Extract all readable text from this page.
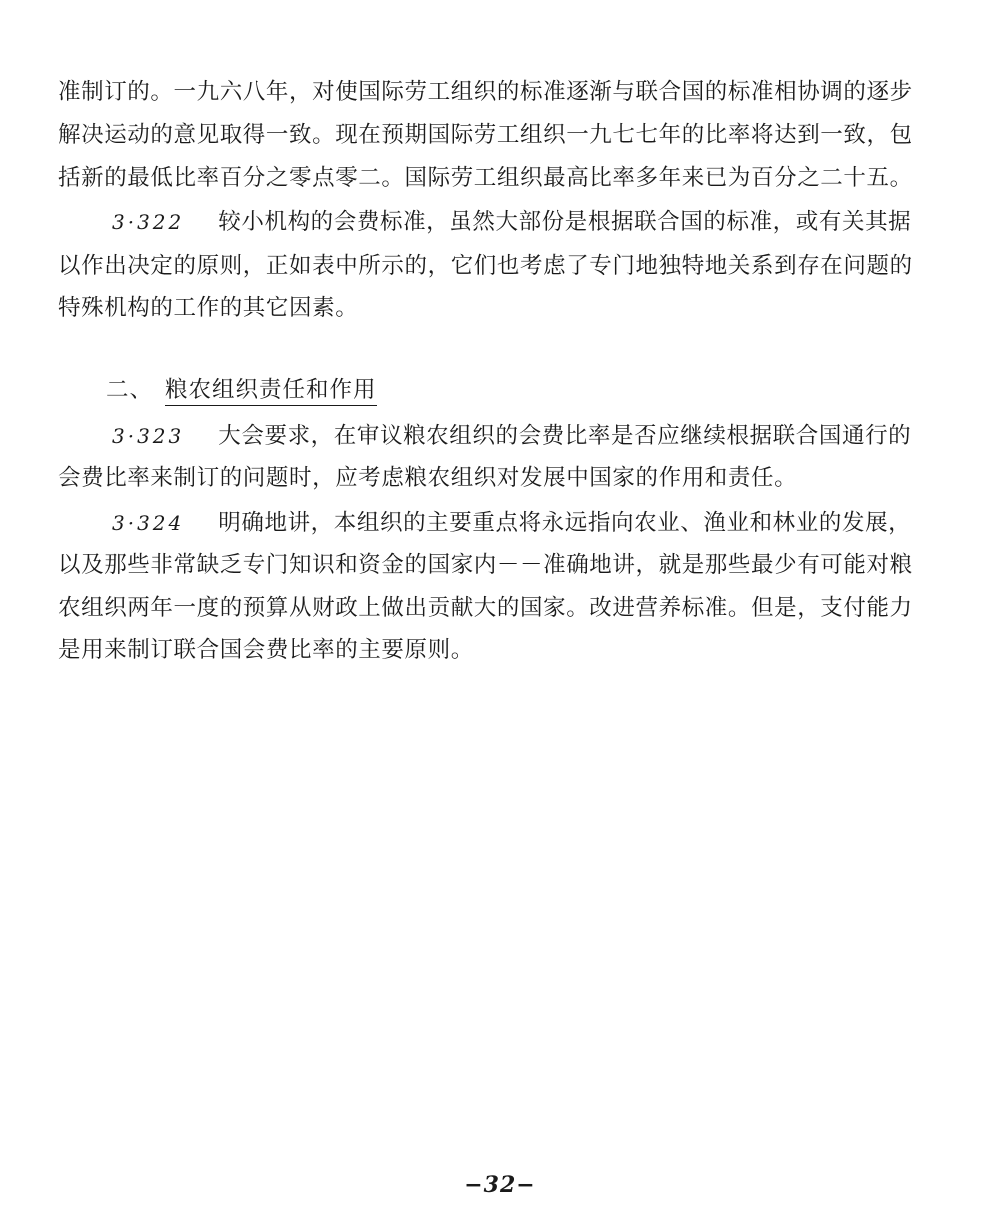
准制订的。一九六八年，对使国际劳工组织的标准逐渐与联合国的标准相协调的逐步
解决运动的意见取得一致。现在预期国际劳工组织一九七七年的比率将达到一致，包
括新的最低比率百分之零点零二。国际劳工组织最高比率多年来已为百分之二十五。
3·322 较小机构的会费标准，虽然大部份是根据联合国的标准，或有关其据
以作出决定的原则，正如表中所示的，它们也考虑了专门地独特地关系到存在问题的
特殊机构的工作的其它因素。
二、 粮农组织责任和作用
3·323 大会要求，在审议粮农组织的会费比率是否应继续根据联合国通行的
会费比率来制订的问题时，应考虑粮农组织对发展中国家的作用和责任。
3·324 明确地讲，本组织的主要重点将永远指向农业、渔业和林业的发展，
以及那些非常缺乏专门知识和资金的国家内－－准确地讲，就是那些最少有可能对粮
农组织两年一度的预算从财政上做出贡献大的国家。改进营养标准。但是，支付能力
是用来制订联合国会费比率的主要原则。
−32−
